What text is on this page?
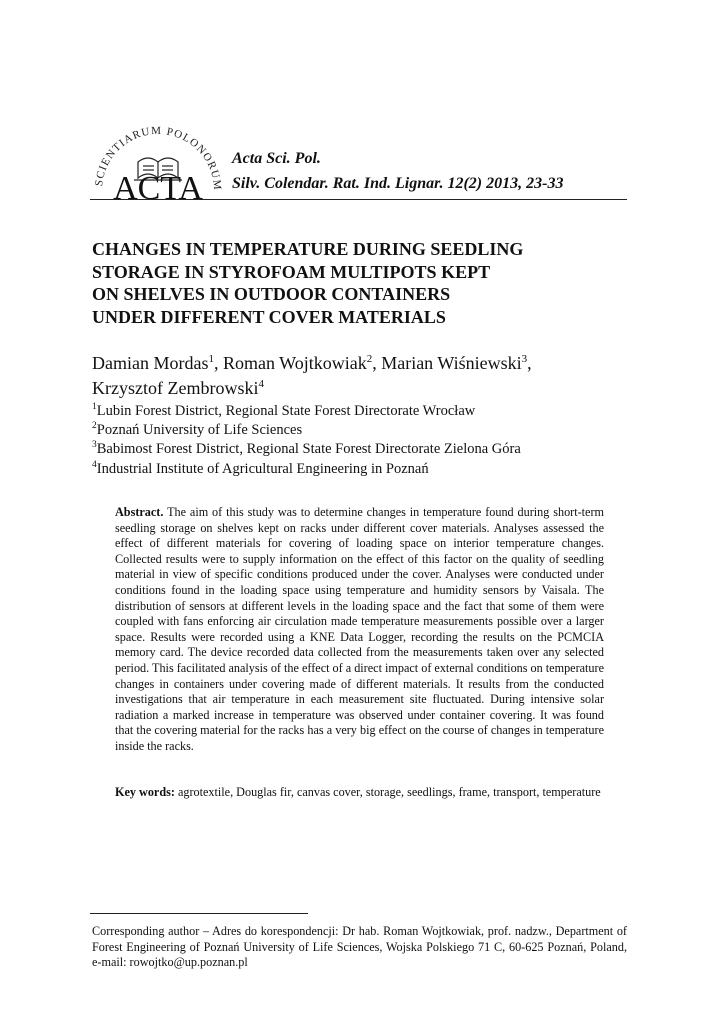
SCIENTIARUM POLONORUM
ACTA
Acta Sci. Pol.
Silv. Colendar. Rat. Ind. Lignar. 12(2) 2013, 23-33
CHANGES IN TEMPERATURE DURING SEEDLING
STORAGE IN STYROFOAM MULTIPOTS KEPT
ON SHELVES IN OUTDOOR CONTAINERS
UNDER DIFFERENT COVER MATERIALS
Damian Mordas$^1$, Roman Wojtkowiak$^2$, Marian Wiśniewski$^3$,
Krzysztof Zembrowski$^4$
$^1$Lubin Forest District, Regional State Forest Directorate Wrocław
$^2$Poznań University of Life Sciences
$^3$Babimost Forest District, Regional State Forest Directorate Zielona Góra
$^4$Industrial Institute of Agricultural Engineering in Poznań
Abstract. The aim of this study was to determine changes in temperature found during short-term seedling storage on shelves kept on racks under different cover materials. Analyses assessed the effect of different materials for covering of loading space on interior temperature changes. Collected results were to supply information on the effect of this factor on the quality of seedling material in view of specific conditions produced under the cover. Analyses were conducted under conditions found in the loading space using temperature and humidity sensors by Vaisala. The distribution of sensors at different levels in the loading space and the fact that some of them were coupled with fans enforcing air circulation made temperature measurements possible over a larger space. Results were recorded using a KNE Data Logger, recording the results on the PCMCIA memory card. The device recorded data collected from the measurements taken over any selected period. This facilitated analysis of the effect of a direct impact of external conditions on temperature changes in containers under covering made of different materials. It results from the conducted investigations that air temperature in each measurement site fluctuated. During intensive solar radiation a marked increase in temperature was observed under container covering. It was found that the covering material for the racks has a very big effect on the course of changes in temperature inside the racks.
Key words: agrotextile, Douglas fir, canvas cover, storage, seedlings, frame, transport, temperature
Corresponding author – Adres do korespondencji: Dr hab. Roman Wojtkowiak, prof. nadzw., Department of Forest Engineering of Poznań University of Life Sciences, Wojska Polskiego 71 C, 60-625 Poznań, Poland, e-mail: rowojtko@up.poznan.pl
